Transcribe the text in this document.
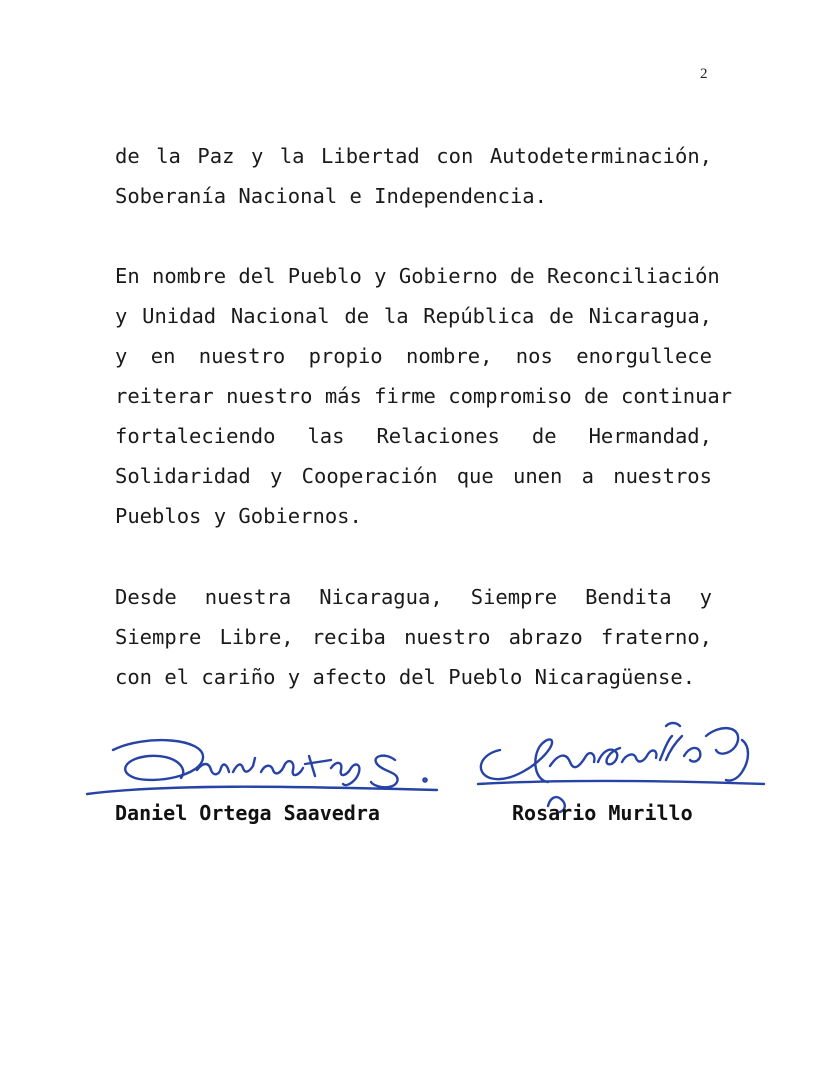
2
de la Paz y la Libertad con Autodeterminación,
Soberanía Nacional e Independencia.
En nombre del Pueblo y Gobierno de Reconciliación
y Unidad Nacional de la República de Nicaragua,
y en nuestro propio nombre, nos enorgullece
reiterar nuestro más firme compromiso de continuar
fortaleciendo las Relaciones de Hermandad,
Solidaridad y Cooperación que unen a nuestros
Pueblos y Gobiernos.
Desde nuestra Nicaragua, Siempre Bendita y
Siempre Libre, reciba nuestro abrazo fraterno,
con el cariño y afecto del Pueblo Nicaragüense.
Daniel Ortega Saavedra	Rosario Murillo
